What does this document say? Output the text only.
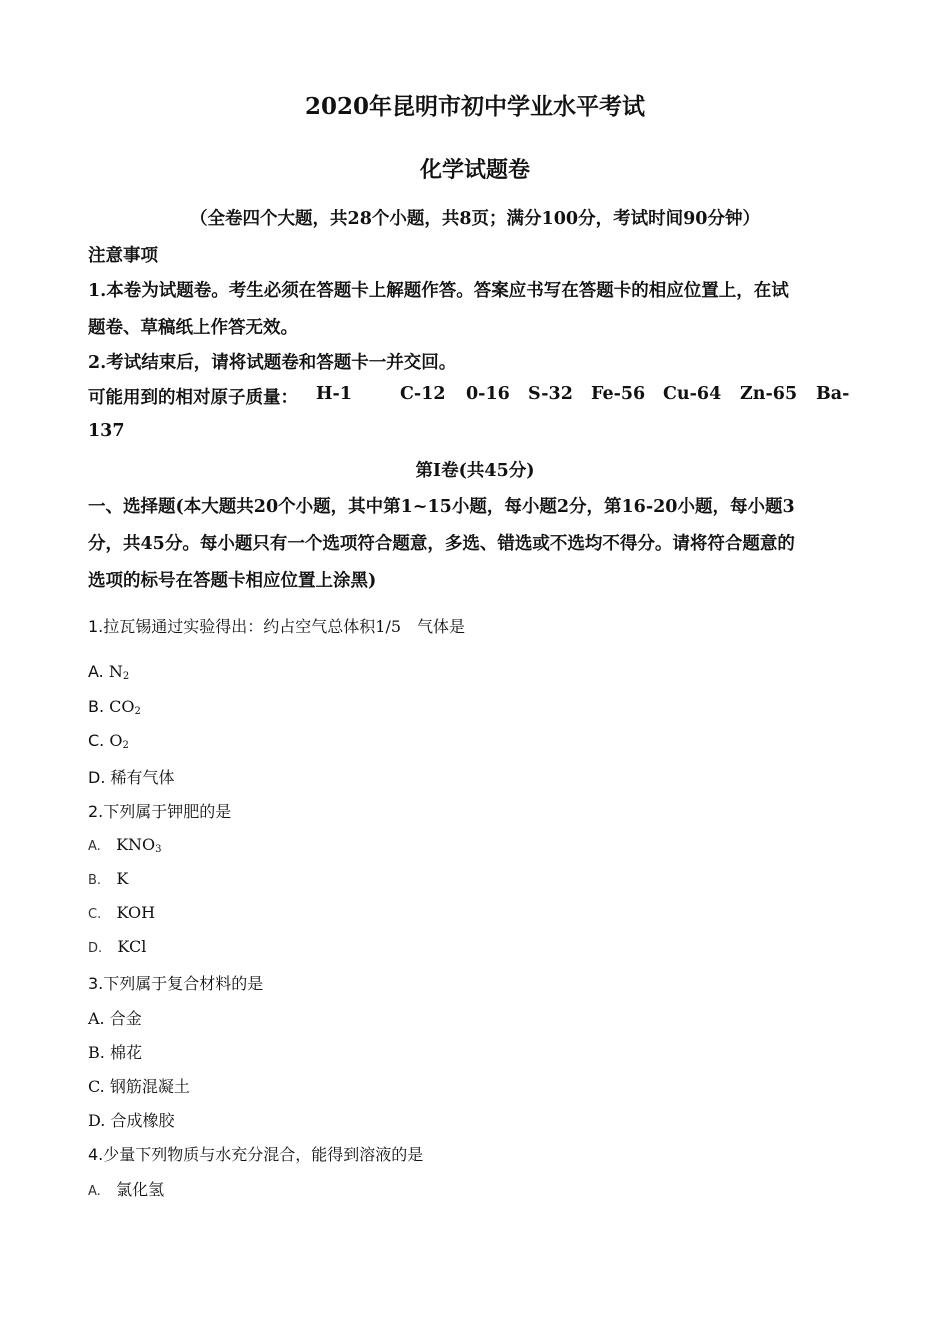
2020年昆明市初中学业水平考试
化学试题卷
（全卷四个大题，共28个小题，共8页；满分100分，考试时间90分钟）
注意事项
1.本卷为试题卷。考生必须在答题卡上解题作答。答案应书写在答题卡的相应位置上，在试
题卷、草稿纸上作答无效。
2.考试结束后，请将试题卷和答题卡一并交回。
可能用到的相对原子质量： H-1	C-12 0-16 S-32 Fe-56 Cu-64 Zn-65 Ba-
137
第Ⅰ卷(共45分)
一、选择题(本大题共20个小题，其中第1~15小题，每小题2分，第16-20小题，每小题3
分，共45分。每小题只有一个选项符合题意，多选、错选或不选均不得分。请将符合题意的
选项的标号在答题卡相应位置上涂黑)
1.拉瓦锡通过实验得出：约占空气总体积1/5　气体是
A. $N_2$
B. $CO_2$
C. $O_2$
D. 稀有气体
2.下列属于钾肥的是
A. $KNO_3$
B. K
C. KOH
D. KCl
3.下列属于复合材料的是
A. 合金
B. 棉花
C. 钢筋混凝土
D. 合成橡胶
4.少量下列物质与水充分混合，能得到溶液的是
A. 氯化氢
